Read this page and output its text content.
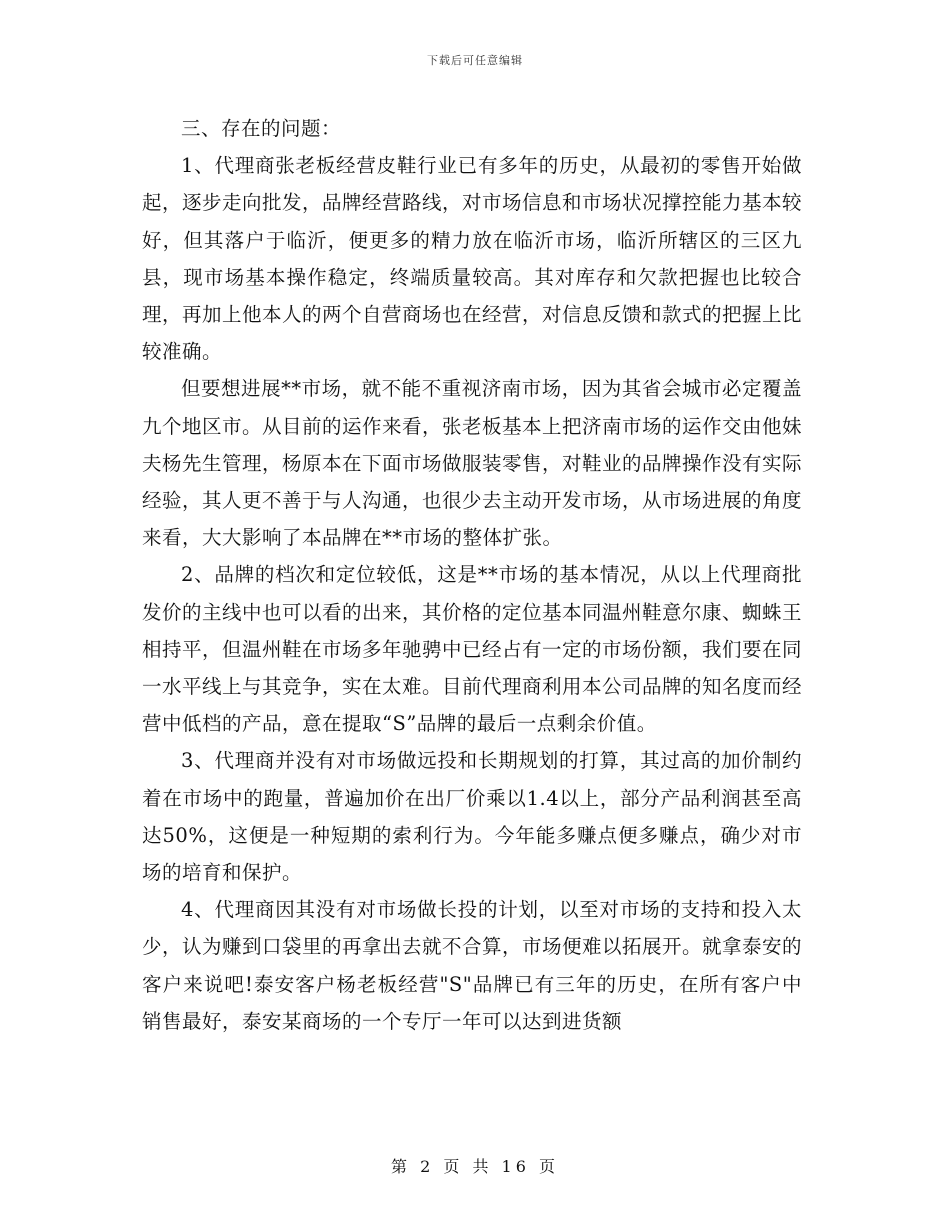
下载后可任意编辑

三、存在的问题：

1、代理商张老板经营皮鞋行业已有多年的历史，从最初的零售开始做起，逐步走向批发，品牌经营路线，对市场信息和市场状况撑控能力基本较好，但其落户于临沂，便更多的精力放在临沂市场，临沂所辖区的三区九县，现市场基本操作稳定，终端质量较高。其对库存和欠款把握也比较合理，再加上他本人的两个自营商场也在经营，对信息反馈和款式的把握上比较准确。

但要想进展**市场，就不能不重视济南市场，因为其省会城市必定覆盖九个地区市。从目前的运作来看，张老板基本上把济南市场的运作交由他妹夫杨先生管理，杨原本在下面市场做服装零售，对鞋业的品牌操作没有实际经验，其人更不善于与人沟通，也很少去主动开发市场，从市场进展的角度来看，大大影响了本品牌在**市场的整体扩张。

2、品牌的档次和定位较低，这是**市场的基本情况，从以上代理商批发价的主线中也可以看的出来，其价格的定位基本同温州鞋意尔康、蜘蛛王相持平，但温州鞋在市场多年驰骋中已经占有一定的市场份额，我们要在同一水平线上与其竞争，实在太难。目前代理商利用本公司品牌的知名度而经营中低档的产品，意在提取“S”品牌的最后一点剩余价值。

3、代理商并没有对市场做远投和长期规划的打算，其过高的加价制约着在市场中的跑量，普遍加价在出厂价乘以1.4以上，部分产品利润甚至高达50%，这便是一种短期的索利行为。今年能多赚点便多赚点，确少对市场的培育和保护。

4、代理商因其没有对市场做长投的计划，以至对市场的支持和投入太少，认为赚到口袋里的再拿出去就不合算，市场便难以拓展开。就拿泰安的客户来说吧!泰安客户杨老板经营"S"品牌已有三年的历史，在所有客户中销售最好，泰安某商场的一个专厅一年可以达到进货额

第 2 页 共 16 页
